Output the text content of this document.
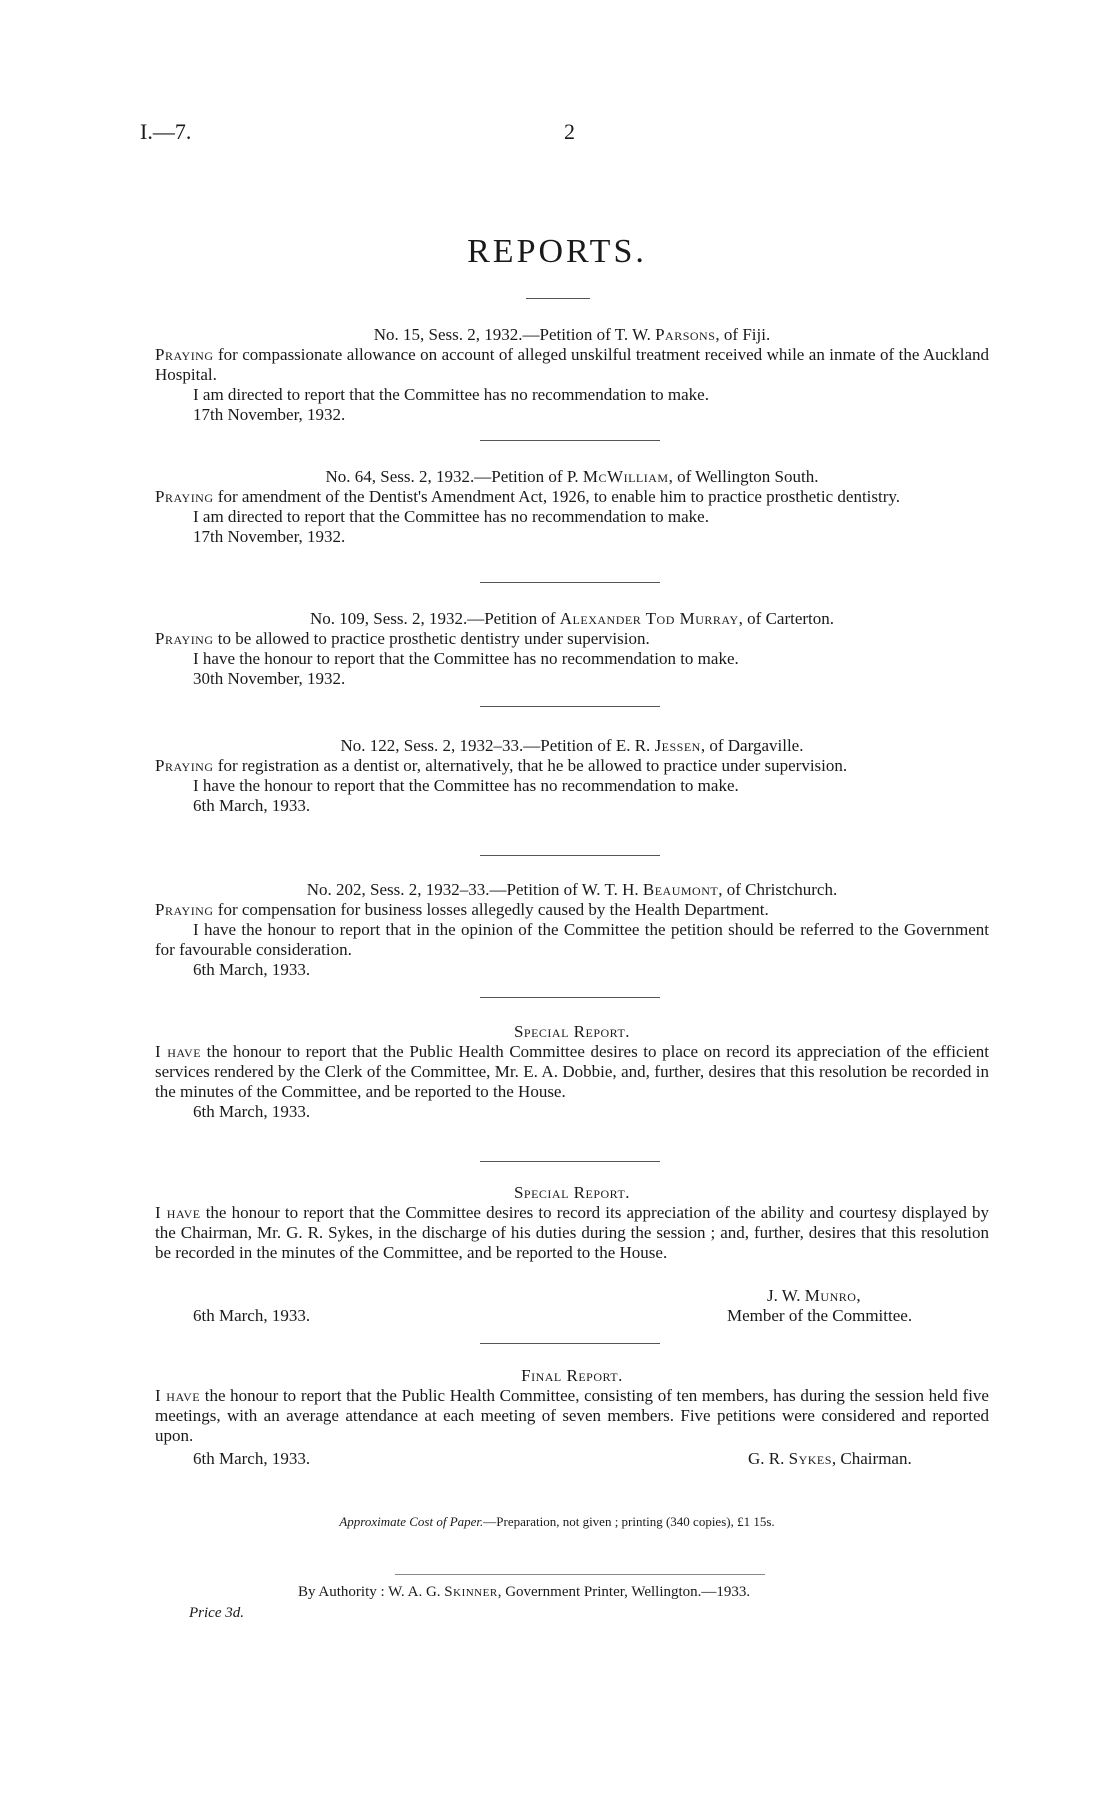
I.—7.	2
REPORTS.
No. 15, Sess. 2, 1932.—Petition of T. W. Parsons, of Fiji.
Praying for compassionate allowance on account of alleged unskilful treatment received while an inmate of the Auckland Hospital.
I am directed to report that the Committee has no recommendation to make.
17th November, 1932.
No. 64, Sess. 2, 1932.—Petition of P. McWilliam, of Wellington South.
Praying for amendment of the Dentist's Amendment Act, 1926, to enable him to practice prosthetic dentistry.
I am directed to report that the Committee has no recommendation to make.
17th November, 1932.
No. 109, Sess. 2, 1932.—Petition of Alexander Tod Murray, of Carterton.
Praying to be allowed to practice prosthetic dentistry under supervision.
I have the honour to report that the Committee has no recommendation to make.
30th November, 1932.
No. 122, Sess. 2, 1932–33.—Petition of E. R. Jessen, of Dargaville.
Praying for registration as a dentist or, alternatively, that he be allowed to practice under supervision.
I have the honour to report that the Committee has no recommendation to make.
6th March, 1933.
No. 202, Sess. 2, 1932–33.—Petition of W. T. H. Beaumont, of Christchurch.
Praying for compensation for business losses allegedly caused by the Health Department.
I have the honour to report that in the opinion of the Committee the petition should be referred to the Government for favourable consideration.
6th March, 1933.
Special Report.
I have the honour to report that the Public Health Committee desires to place on record its appreciation of the efficient services rendered by the Clerk of the Committee, Mr. E. A. Dobbie, and, further, desires that this resolution be recorded in the minutes of the Committee, and be reported to the House.
6th March, 1933.
Special Report.
I have the honour to report that the Committee desires to record its appreciation of the ability and courtesy displayed by the Chairman, Mr. G. R. Sykes, in the discharge of his duties during the session ; and, further, desires that this resolution be recorded in the minutes of the Committee, and be reported to the House.
J. W. Munro,
6th March, 1933.	Member of the Committee.
Final Report.
I have the honour to report that the Public Health Committee, consisting of ten members, has during the session held five meetings, with an average attendance at each meeting of seven members. Five petitions were considered and reported upon.
6th March, 1933.	G. R. Sykes, Chairman.
Approximate Cost of Paper.—Preparation, not given ; printing (340 copies), £1 15s.
By Authority : W. A. G. Skinner, Government Printer, Wellington.—1933.
Price 3d.
